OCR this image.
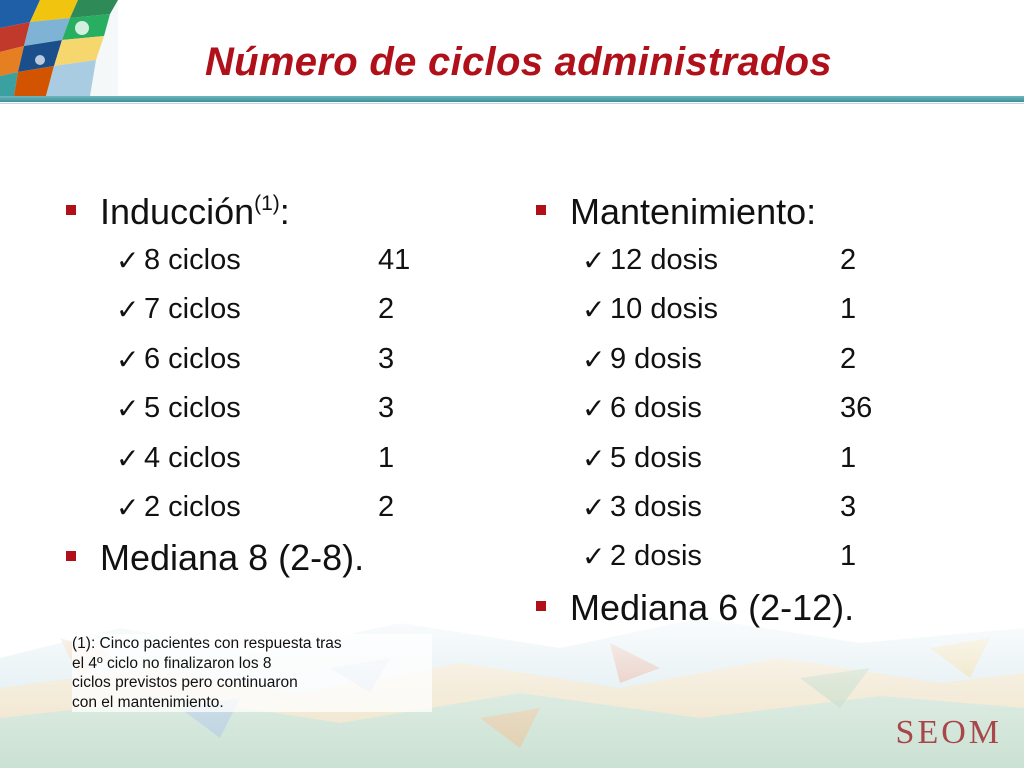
Número de ciclos administrados
Inducción$^{(1)}$:
✓ 8 ciclos	41
✓ 7 ciclos	2
✓ 6 ciclos	3
✓ 5 ciclos	3
✓ 4 ciclos	1
✓ 2 ciclos	2
Mediana 8 (2-8).
Mantenimiento:
✓ 12 dosis	2
✓ 10 dosis	1
✓ 9 dosis	2
✓ 6 dosis	36
✓ 5 dosis	1
✓ 3 dosis	3
✓ 2 dosis	1
Mediana 6 (2-12).
(1): Cinco pacientes con respuesta tras
el 4º ciclo no finalizaron los 8
ciclos previstos pero continuaron
con el mantenimiento.
SEOM
